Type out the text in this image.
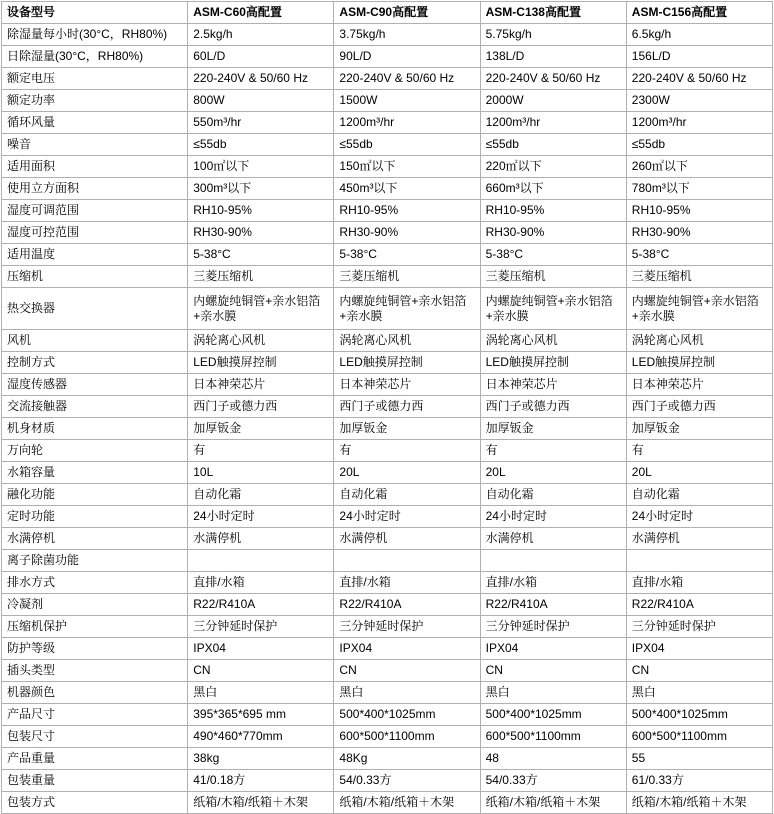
设备型号	ASM-C60高配置	ASM-C90高配置	ASM-C138高配置	ASM-C156高配置
除湿量每小时(30°C，RH80%)	2.5kg/h	3.75kg/h	5.75kg/h	6.5kg/h
日除湿量(30°C，RH80%)	60L/D	90L/D	138L/D	156L/D
额定电压	220-240V & 50/60 Hz	220-240V & 50/60 Hz	220-240V & 50/60 Hz	220-240V & 50/60 Hz
额定功率	800W	1500W	2000W	2300W
循环风量	550m³/hr	1200m³/hr	1200m³/hr	1200m³/hr
噪音	≤55db	≤55db	≤55db	≤55db
适用面积	100㎡以下	150㎡以下	220㎡以下	260㎡以下
使用立方面积	300m³以下	450m³以下	660m³以下	780m³以下
湿度可调范围	RH10-95%	RH10-95%	RH10-95%	RH10-95%
湿度可控范围	RH30-90%	RH30-90%	RH30-90%	RH30-90%
适用温度	5-38°C	5-38°C	5-38°C	5-38°C
压缩机	三菱压缩机	三菱压缩机	三菱压缩机	三菱压缩机
热交换器	内螺旋纯铜管+亲水铝箔+亲水膜	内螺旋纯铜管+亲水铝箔+亲水膜	内螺旋纯铜管+亲水铝箔+亲水膜	内螺旋纯铜管+亲水铝箔+亲水膜
风机	涡轮离心风机	涡轮离心风机	涡轮离心风机	涡轮离心风机
控制方式	LED触摸屏控制	LED触摸屏控制	LED触摸屏控制	LED触摸屏控制
湿度传感器	日本神荣芯片	日本神荣芯片	日本神荣芯片	日本神荣芯片
交流接触器	西门子或德力西	西门子或德力西	西门子或德力西	西门子或德力西
机身材质	加厚钣金	加厚钣金	加厚钣金	加厚钣金
万向轮	有	有	有	有
水箱容量	10L	20L	20L	20L
融化功能	自动化霜	自动化霜	自动化霜	自动化霜
定时功能	24小时定时	24小时定时	24小时定时	24小时定时
水满停机	水满停机	水满停机	水满停机	水满停机
离子除菌功能				
排水方式	直排/水箱	直排/水箱	直排/水箱	直排/水箱
冷凝剂	R22/R410A	R22/R410A	R22/R410A	R22/R410A
压缩机保护	三分钟延时保护	三分钟延时保护	三分钟延时保护	三分钟延时保护
防护等级	IPX04	IPX04	IPX04	IPX04
插头类型	CN	CN	CN	CN
机器颜色	黑白	黑白	黑白	黑白
产品尺寸	395*365*695 mm	500*400*1025mm	500*400*1025mm	500*400*1025mm
包装尺寸	490*460*770mm	600*500*1100mm	600*500*1100mm	600*500*1100mm
产品重量	38kg	48Kg	48	55
包装重量	41/0.18方	54/0.33方	54/0.33方	61/0.33方
包装方式	纸箱/木箱/纸箱＋木架	纸箱/木箱/纸箱＋木架	纸箱/木箱/纸箱＋木架	纸箱/木箱/纸箱＋木架
